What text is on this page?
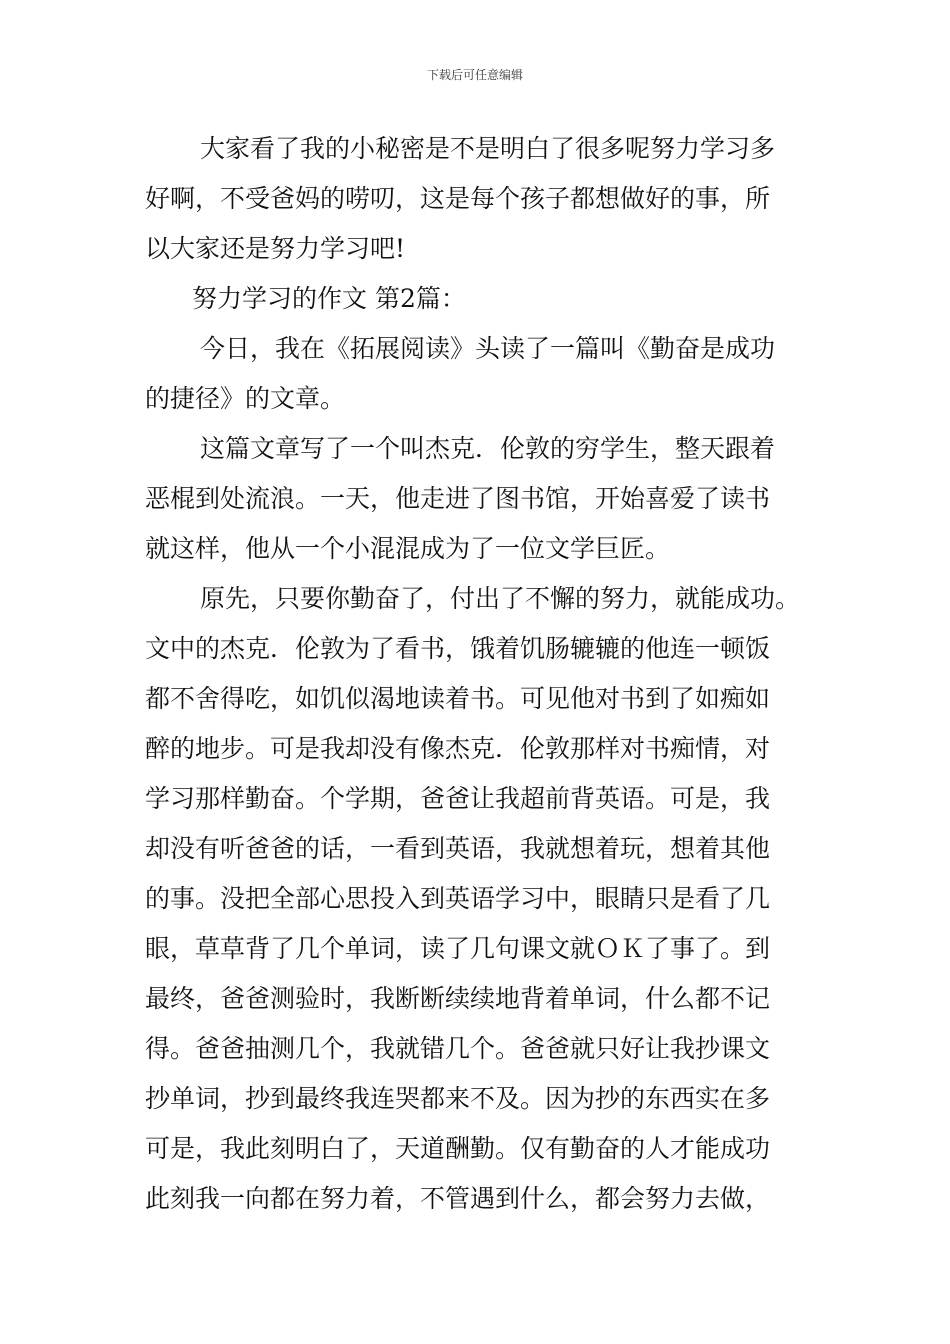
下载后可任意编辑
大家看了我的小秘密是不是明白了很多呢努力学习多
好啊，不受爸妈的唠叨，这是每个孩子都想做好的事，所
以大家还是努力学习吧!
努力学习的作文 第2篇：
今日，我在《拓展阅读》头读了一篇叫《勤奋是成功
的捷径》的文章。
这篇文章写了一个叫杰克．伦敦的穷学生，整天跟着
恶棍到处流浪。一天，他走进了图书馆，开始喜爱了读书
就这样，他从一个小混混成为了一位文学巨匠。
原先，只要你勤奋了，付出了不懈的努力，就能成功。
文中的杰克．伦敦为了看书，饿着饥肠辘辘的他连一顿饭
都不舍得吃，如饥似渴地读着书。可见他对书到了如痴如
醉的地步。可是我却没有像杰克．伦敦那样对书痴情，对
学习那样勤奋。个学期，爸爸让我超前背英语。可是，我
却没有听爸爸的话，一看到英语，我就想着玩，想着其他
的事。没把全部心思投入到英语学习中，眼睛只是看了几
眼，草草背了几个单词，读了几句课文就ＯＫ了事了。到
最终，爸爸测验时，我断断续续地背着单词，什么都不记
得。爸爸抽测几个，我就错几个。爸爸就只好让我抄课文
抄单词，抄到最终我连哭都来不及。因为抄的东西实在多
可是，我此刻明白了，天道酬勤。仅有勤奋的人才能成功
此刻我一向都在努力着，不管遇到什么，都会努力去做，
